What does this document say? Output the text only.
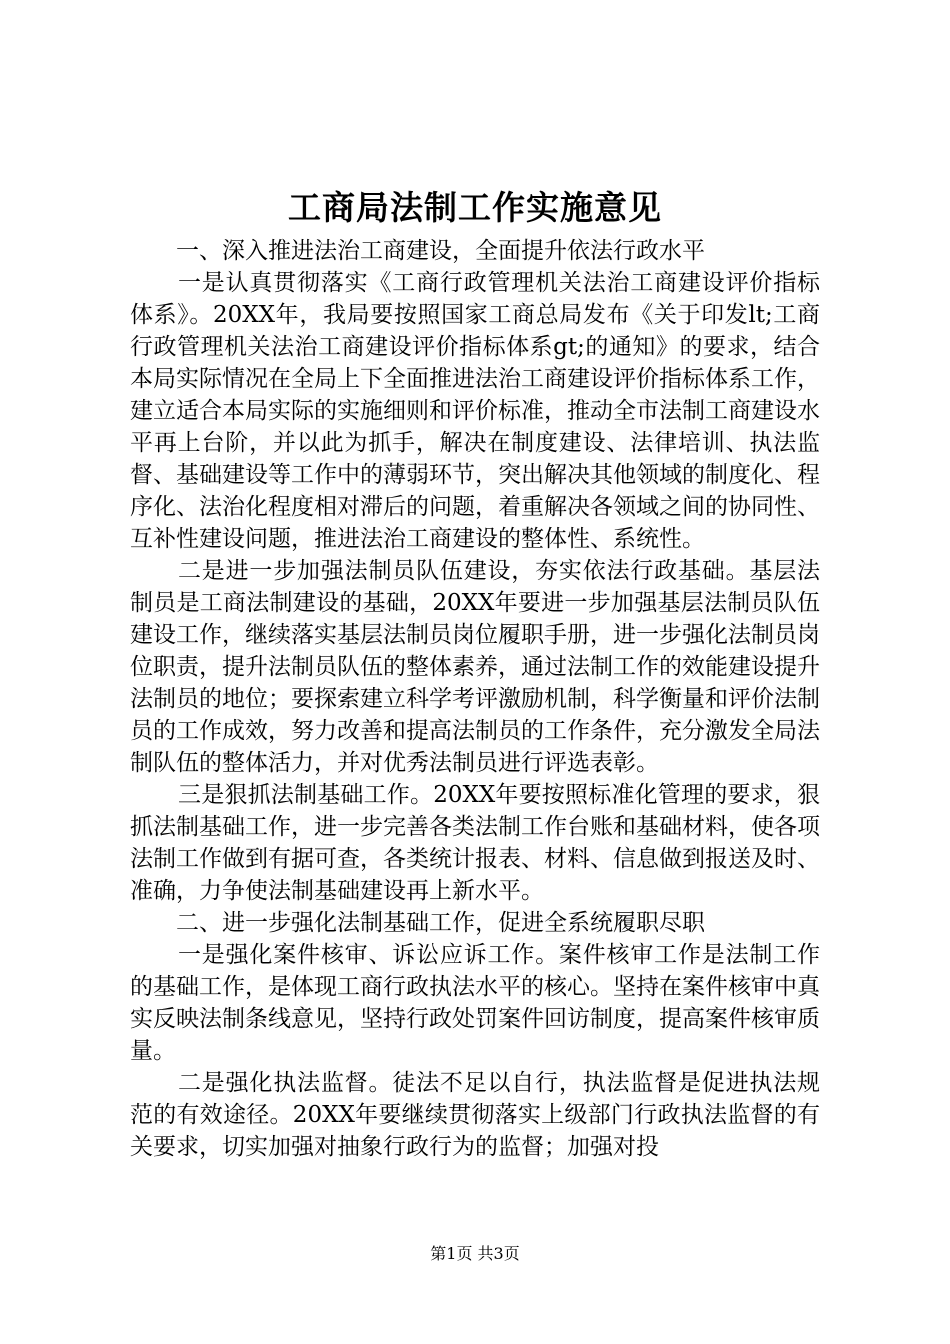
工商局法制工作实施意见

一、深入推进法治工商建设，全面提升依法行政水平

一是认真贯彻落实《工商行政管理机关法治工商建设评价指标体系》。20XX年，我局要按照国家工商总局发布《关于印发lt;工商行政管理机关法治工商建设评价指标体系gt;的通知》的要求，结合本局实际情况在全局上下全面推进法治工商建设评价指标体系工作，建立适合本局实际的实施细则和评价标准，推动全市法制工商建设水平再上台阶，并以此为抓手，解决在制度建设、法律培训、执法监督、基础建设等工作中的薄弱环节，突出解决其他领域的制度化、程序化、法治化程度相对滞后的问题，着重解决各领域之间的协同性、互补性建设问题，推进法治工商建设的整体性、系统性。

二是进一步加强法制员队伍建设，夯实依法行政基础。基层法制员是工商法制建设的基础，20XX年要进一步加强基层法制员队伍建设工作，继续落实基层法制员岗位履职手册，进一步强化法制员岗位职责，提升法制员队伍的整体素养，通过法制工作的效能建设提升法制员的地位；要探索建立科学考评激励机制，科学衡量和评价法制员的工作成效，努力改善和提高法制员的工作条件，充分激发全局法制队伍的整体活力，并对优秀法制员进行评选表彰。

三是狠抓法制基础工作。20XX年要按照标准化管理的要求，狠抓法制基础工作，进一步完善各类法制工作台账和基础材料，使各项法制工作做到有据可查，各类统计报表、材料、信息做到报送及时、准确，力争使法制基础建设再上新水平。

二、进一步强化法制基础工作，促进全系统履职尽职

一是强化案件核审、诉讼应诉工作。案件核审工作是法制工作的基础工作，是体现工商行政执法水平的核心。坚持在案件核审中真实反映法制条线意见，坚持行政处罚案件回访制度，提高案件核审质量。

二是强化执法监督。徒法不足以自行，执法监督是促进执法规范的有效途径。20XX年要继续贯彻落实上级部门行政执法监督的有关要求，切实加强对抽象行政行为的监督；加强对投

第1页 共3页
